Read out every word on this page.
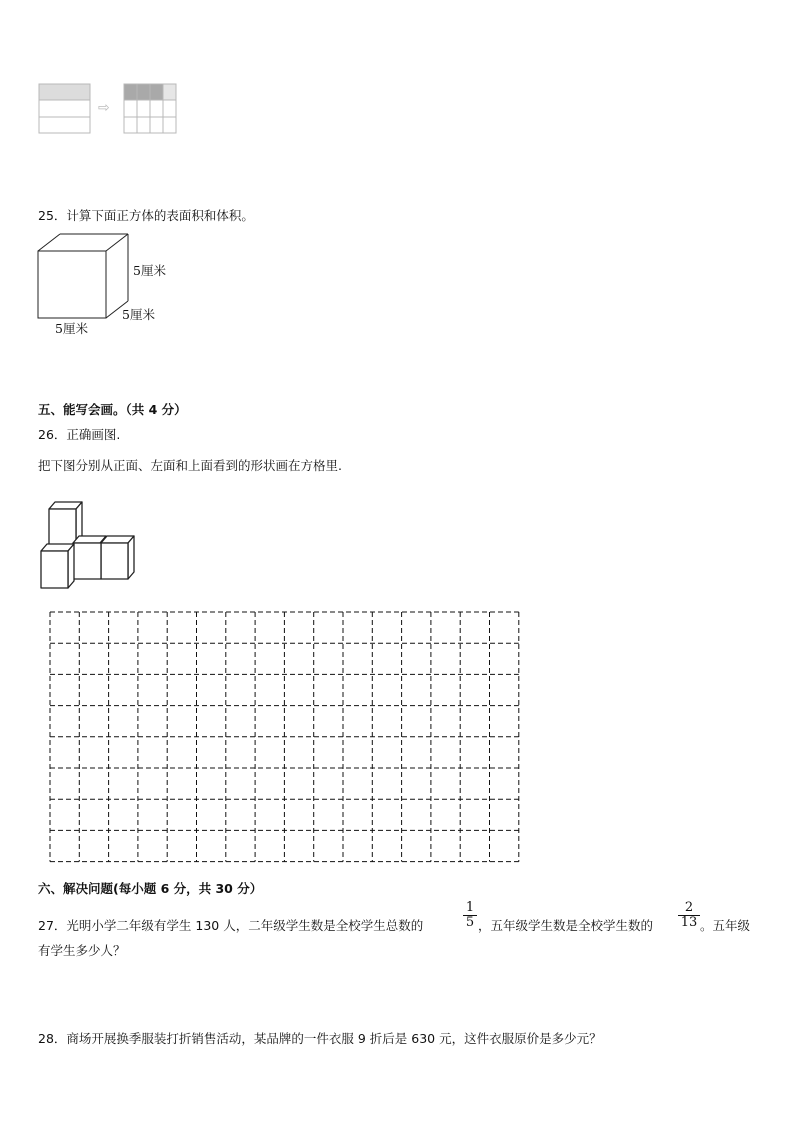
⇨
25．计算下面正方体的表面积和体积。
5厘米
5厘米
5厘米
五、能写会画。（共 4 分）
26．正确画图.
把下图分别从正面、左面和上面看到的形状画在方格里.
六、解决问题(每小题 6 分，共 30 分）
27．光明小学二年级有学生 130 人，二年级学生数是全校学生总数的	$\frac{1}{5}$ ，五年级学生数是全校学生数的 $\frac{2}{13}$ 。五年级
有学生多少人？
28．商场开展换季服装打折销售活动，某品牌的一件衣服 9 折后是 630 元，这件衣服原价是多少元？
